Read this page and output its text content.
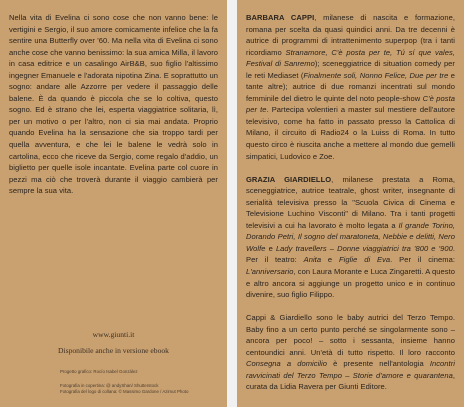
Nella vita di Evelina ci sono cose che non vanno bene: le vertigini e Sergio, il suo amore comicamente infelice che la fa sentire una Butterfly over '60. Ma nella vita di Evelina ci sono anche cose che vanno benissimo: la sua amica Milla, il lavoro in casa editrice e un casalingo AirB&B, suo figlio l'altissimo ingegner Emanuele e l'adorata nipotina Zina. E soprattutto un sogno: andare alle Azzorre per vedere il passaggio delle balene. È da quando è piccola che se lo coltiva, questo sogno. Ed è strano che lei, esperta viaggiatrice solitaria, lì, per un motivo o per l'altro, non ci sia mai andata. Proprio quando Evelina ha la sensazione che sia troppo tardi per quella avventura, e che lei le balene le vedrà solo in cartolina, ecco che riceve da Sergio, come regalo d'addio, un biglietto per quelle isole incantate. Evelina parte col cuore in pezzi ma ciò che troverà durante il viaggio cambierà per sempre la sua vita.

www.giunti.it
Disponibile anche in versione ebook
Progetto grafico: Rocío Isabel González
Fotografia in copertina: @ andyShan/ Shutterstock
Fotografia del logo di collana: © Massimo Gardone / Azimut Photo

BARBARA CAPPI, milanese di nascita e formazione, romana per scelta da quasi quindici anni. Da tre decenni è autrice di programmi di intrattenimento superpop (tra i tanti ricordiamo Stranamore, C'è posta per te, Tú sí que vales, Festival di Sanremo); sceneggiatrice di situation comedy per le reti Mediaset (Finalmente soli, Nonno Felice, Due per tre e tante altre); autrice di due romanzi incentrati sul mondo femminile del dietro le quinte del noto people-show C'è posta per te. Partecipa volentieri a master sul mestiere dell'autore televisivo, come ha fatto in passato presso la Cattolica di Milano, il circuito di Radio24 o la Luiss di Roma. In tutto questo circo è riuscita anche a mettere al mondo due gemelli simpatici, Ludovico e Zoe.

GRAZIA GIARDIELLO, milanese prestata a Roma, sceneggiatrice, autrice teatrale, ghost writer, insegnante di serialità televisiva presso la "Scuola Civica di Cinema e Televisione Luchino Visconti" di Milano. Tra i tanti progetti televisivi a cui ha lavorato è molto legata a Il grande Torino, Dorando Petri, Il sogno del maratoneta, Nebbie e delitti, Nero Wolfe e Lady travellers – Donne viaggiatrici tra '800 e '900. Per il teatro: Anita e Figlie di Eva. Per il cinema: L'anniversario, con Laura Morante e Luca Zingaretti. A questo e altro ancora si aggiunge un progetto unico e in continuo divenire, suo figlio Filippo.

Cappi & Giardiello sono le baby autrici del Terzo Tempo. Baby fino a un certo punto perché se singolarmente sono – ancora per poco! – sotto i sessanta, insieme hanno centoundici anni. Un'età di tutto rispetto. Il loro racconto Consegna a domicilio è presente nell'antologia Incontri ravvicinati del Terzo Tempo – Storie d'amore e quarantena, curata da Lidia Ravera per Giunti Editore.
